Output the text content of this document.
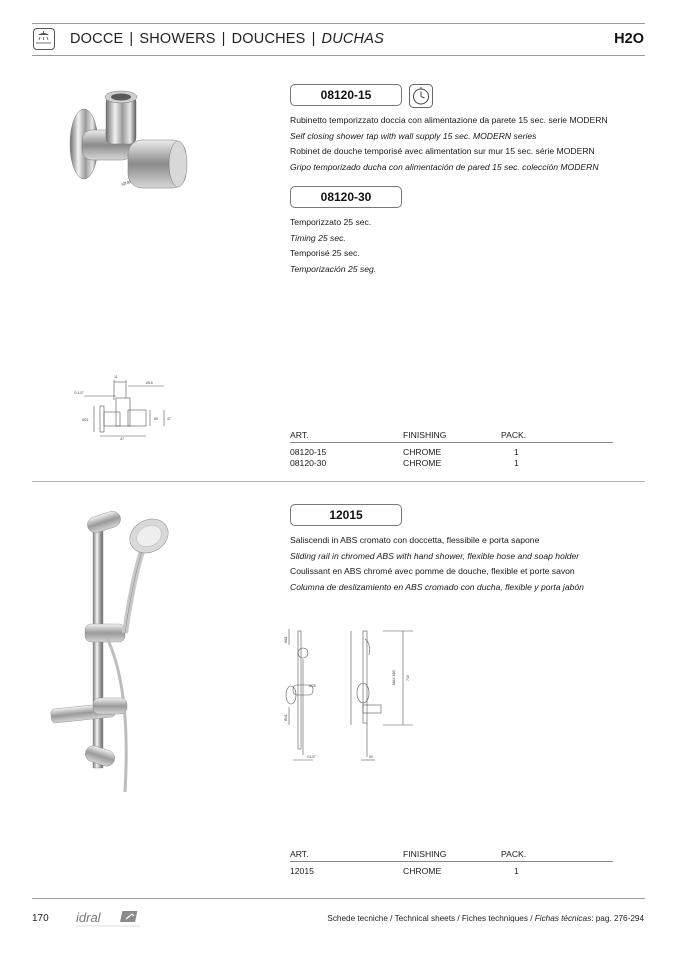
DOCCE | SHOWERS | DOUCHES | DUCHAS	H2O
idral
08120-15
Rubinetto temporizzato doccia con alimentazione da parete 15 sec. serie MODERN
Self closing shower tap with wall supply 15 sec. MODERN series
Robinet de douche temporisé avec alimentation sur mur 15 sec. série MODERN
Gripo temporizado ducha con alimentación de pared 15 sec. colección MODERN
08120-30
Temporizzato 25 sec.
Timing 25 sec.
Temporisé 25 sec.
Temporización 25 seg.
11
Ø16
G 1/2"
Ø21	60	47
47	ART.	FINISHING	PACK.
08120-15	CHROME	1
08120-30	CHROME	1
12015
Saliscendi in ABS cromato con doccetta, flessibile e porta sapone
Sliding rail in chromed ABS with hand shower, flexible hose and soap holder
Coulissant en ABS chromé avec pomme de douche, flexible et porte savon
Columna de deslizamiento en ABS cromado con ducha, flexible y porta jabón
Ø81
Ø25
Ø41
G1/2"
MAX 880	710
90
ART.	FINISHING	PACK.
12015	CHROME	1
170 idral	Schede tecniche / Technical sheets / Fiches techniques / Fichas técnicas: pag. 276-294
